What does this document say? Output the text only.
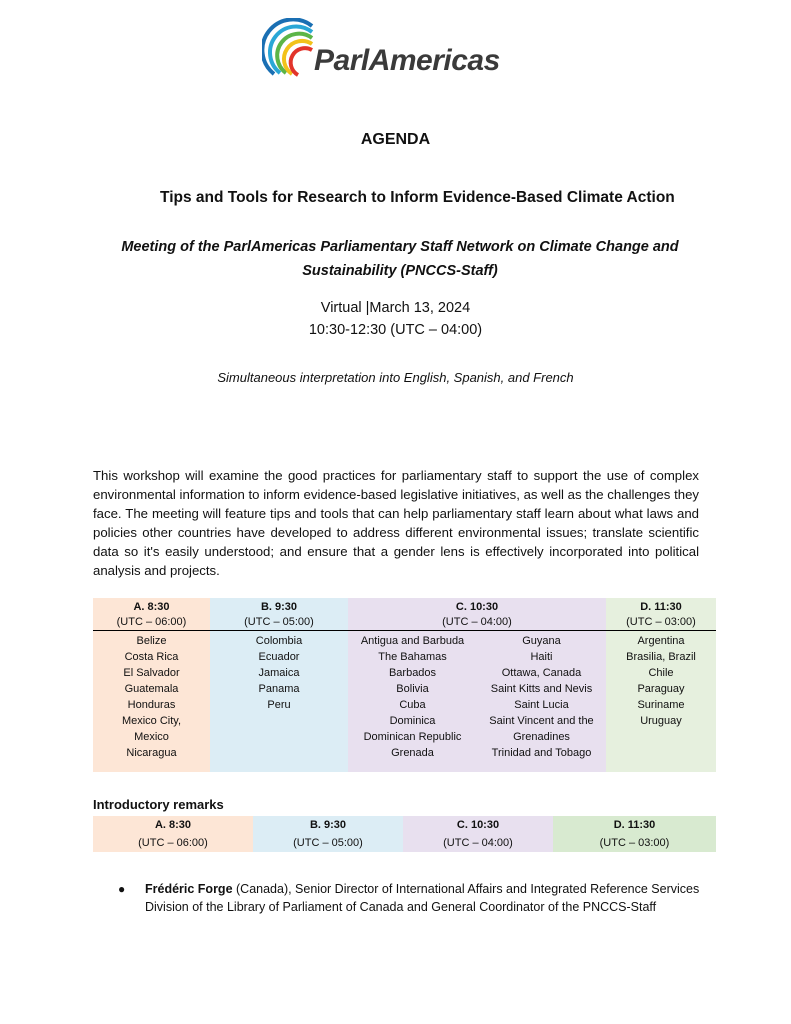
ParlAmericas
AGENDA
Tips and Tools for Research to Inform Evidence-Based Climate Action
Meeting of the ParlAmericas Parliamentary Staff Network on Climate Change and Sustainability (PNCCS-Staff)
Virtual |March 13, 2024
10:30-12:30 (UTC – 04:00)
Simultaneous interpretation into English, Spanish, and French
This workshop will examine the good practices for parliamentary staff to support the use of complex environmental information to inform evidence-based legislative initiatives, as well as the challenges they face. The meeting will feature tips and tools that can help parliamentary staff learn about what laws and policies other countries have developed to address different environmental issues; translate scientific data so it's easily understood; and ensure that a gender lens is effectively incorporated into political analysis and projects.
A. 8:30
(UTC – 06:00)
Belize
Costa Rica
El Salvador
Guatemala
Honduras
Mexico City,
Mexico
Nicaragua
B. 9:30
(UTC – 05:00)
Colombia
Ecuador
Jamaica
Panama
Peru
C. 10:30
(UTC – 04:00)
Antigua and Barbuda
The Bahamas
Barbados
Bolivia
Cuba
Dominica
Dominican Republic
Grenada
Guyana
Haiti
Ottawa, Canada
Saint Kitts and Nevis
Saint Lucia
Saint Vincent and the
Grenadines
Trinidad and Tobago
D. 11:30
(UTC – 03:00)
Argentina
Brasilia, Brazil
Chile
Paraguay
Suriname
Uruguay
Introductory remarks
A. 8:30
(UTC – 06:00)
B. 9:30
(UTC – 05:00)
C. 10:30
(UTC – 04:00)
D. 11:30
(UTC – 03:00)
●	Frédéric Forge (Canada), Senior Director of International Affairs and Integrated Reference Services Division of the Library of Parliament of Canada and General Coordinator of the PNCCS-Staff
